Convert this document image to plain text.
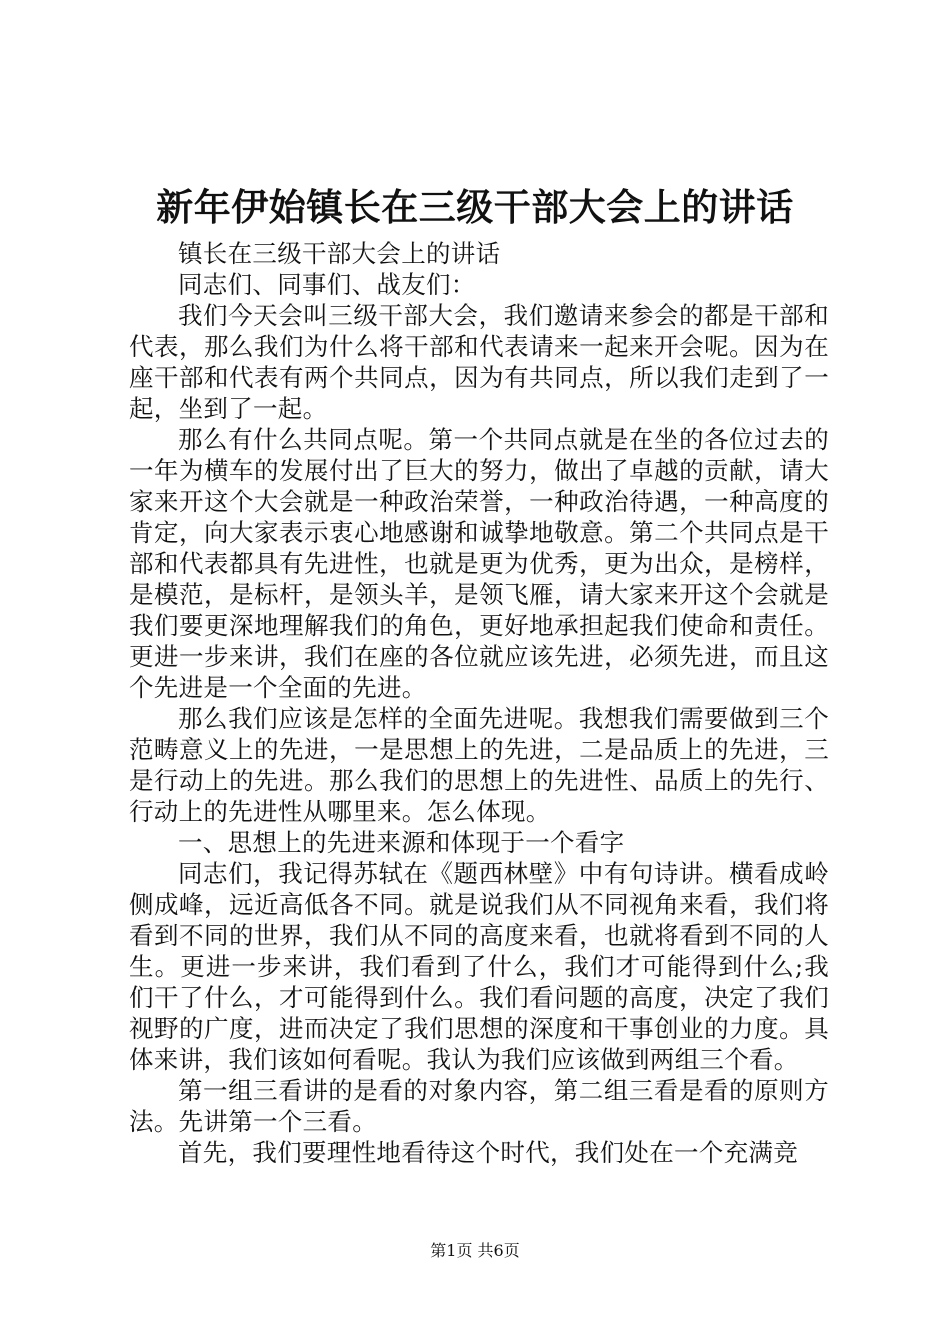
新年伊始镇长在三级干部大会上的讲话

镇长在三级干部大会上的讲话

同志们、同事们、战友们：

我们今天会叫三级干部大会，我们邀请来参会的都是干部和代表，那么我们为什么将干部和代表请来一起来开会呢。因为在座干部和代表有两个共同点，因为有共同点，所以我们走到了一起，坐到了一起。

那么有什么共同点呢。第一个共同点就是在坐的各位过去的一年为横车的发展付出了巨大的努力，做出了卓越的贡献，请大家来开这个大会就是一种政治荣誉，一种政治待遇，一种高度的肯定，向大家表示衷心地感谢和诚挚地敬意。第二个共同点是干部和代表都具有先进性，也就是更为优秀，更为出众，是榜样，是模范，是标杆，是领头羊，是领飞雁，请大家来开这个会就是我们要更深地理解我们的角色，更好地承担起我们使命和责任。更进一步来讲，我们在座的各位就应该先进，必须先进，而且这个先进是一个全面的先进。

那么我们应该是怎样的全面先进呢。我想我们需要做到三个范畴意义上的先进，一是思想上的先进，二是品质上的先进，三是行动上的先进。那么我们的思想上的先进性、品质上的先行、行动上的先进性从哪里来。怎么体现。

一、思想上的先进来源和体现于一个看字

同志们，我记得苏轼在《题西林壁》中有句诗讲。横看成岭侧成峰，远近高低各不同。就是说我们从不同视角来看，我们将看到不同的世界，我们从不同的高度来看，也就将看到不同的人生。更进一步来讲，我们看到了什么，我们才可能得到什么;我们干了什么，才可能得到什么。我们看问题的高度，决定了我们视野的广度，进而决定了我们思想的深度和干事创业的力度。具体来讲，我们该如何看呢。我认为我们应该做到两组三个看。

第一组三看讲的是看的对象内容，第二组三看是看的原则方法。先讲第一个三看。

首先，我们要理性地看待这个时代，我们处在一个充满竞

第1页 共6页
